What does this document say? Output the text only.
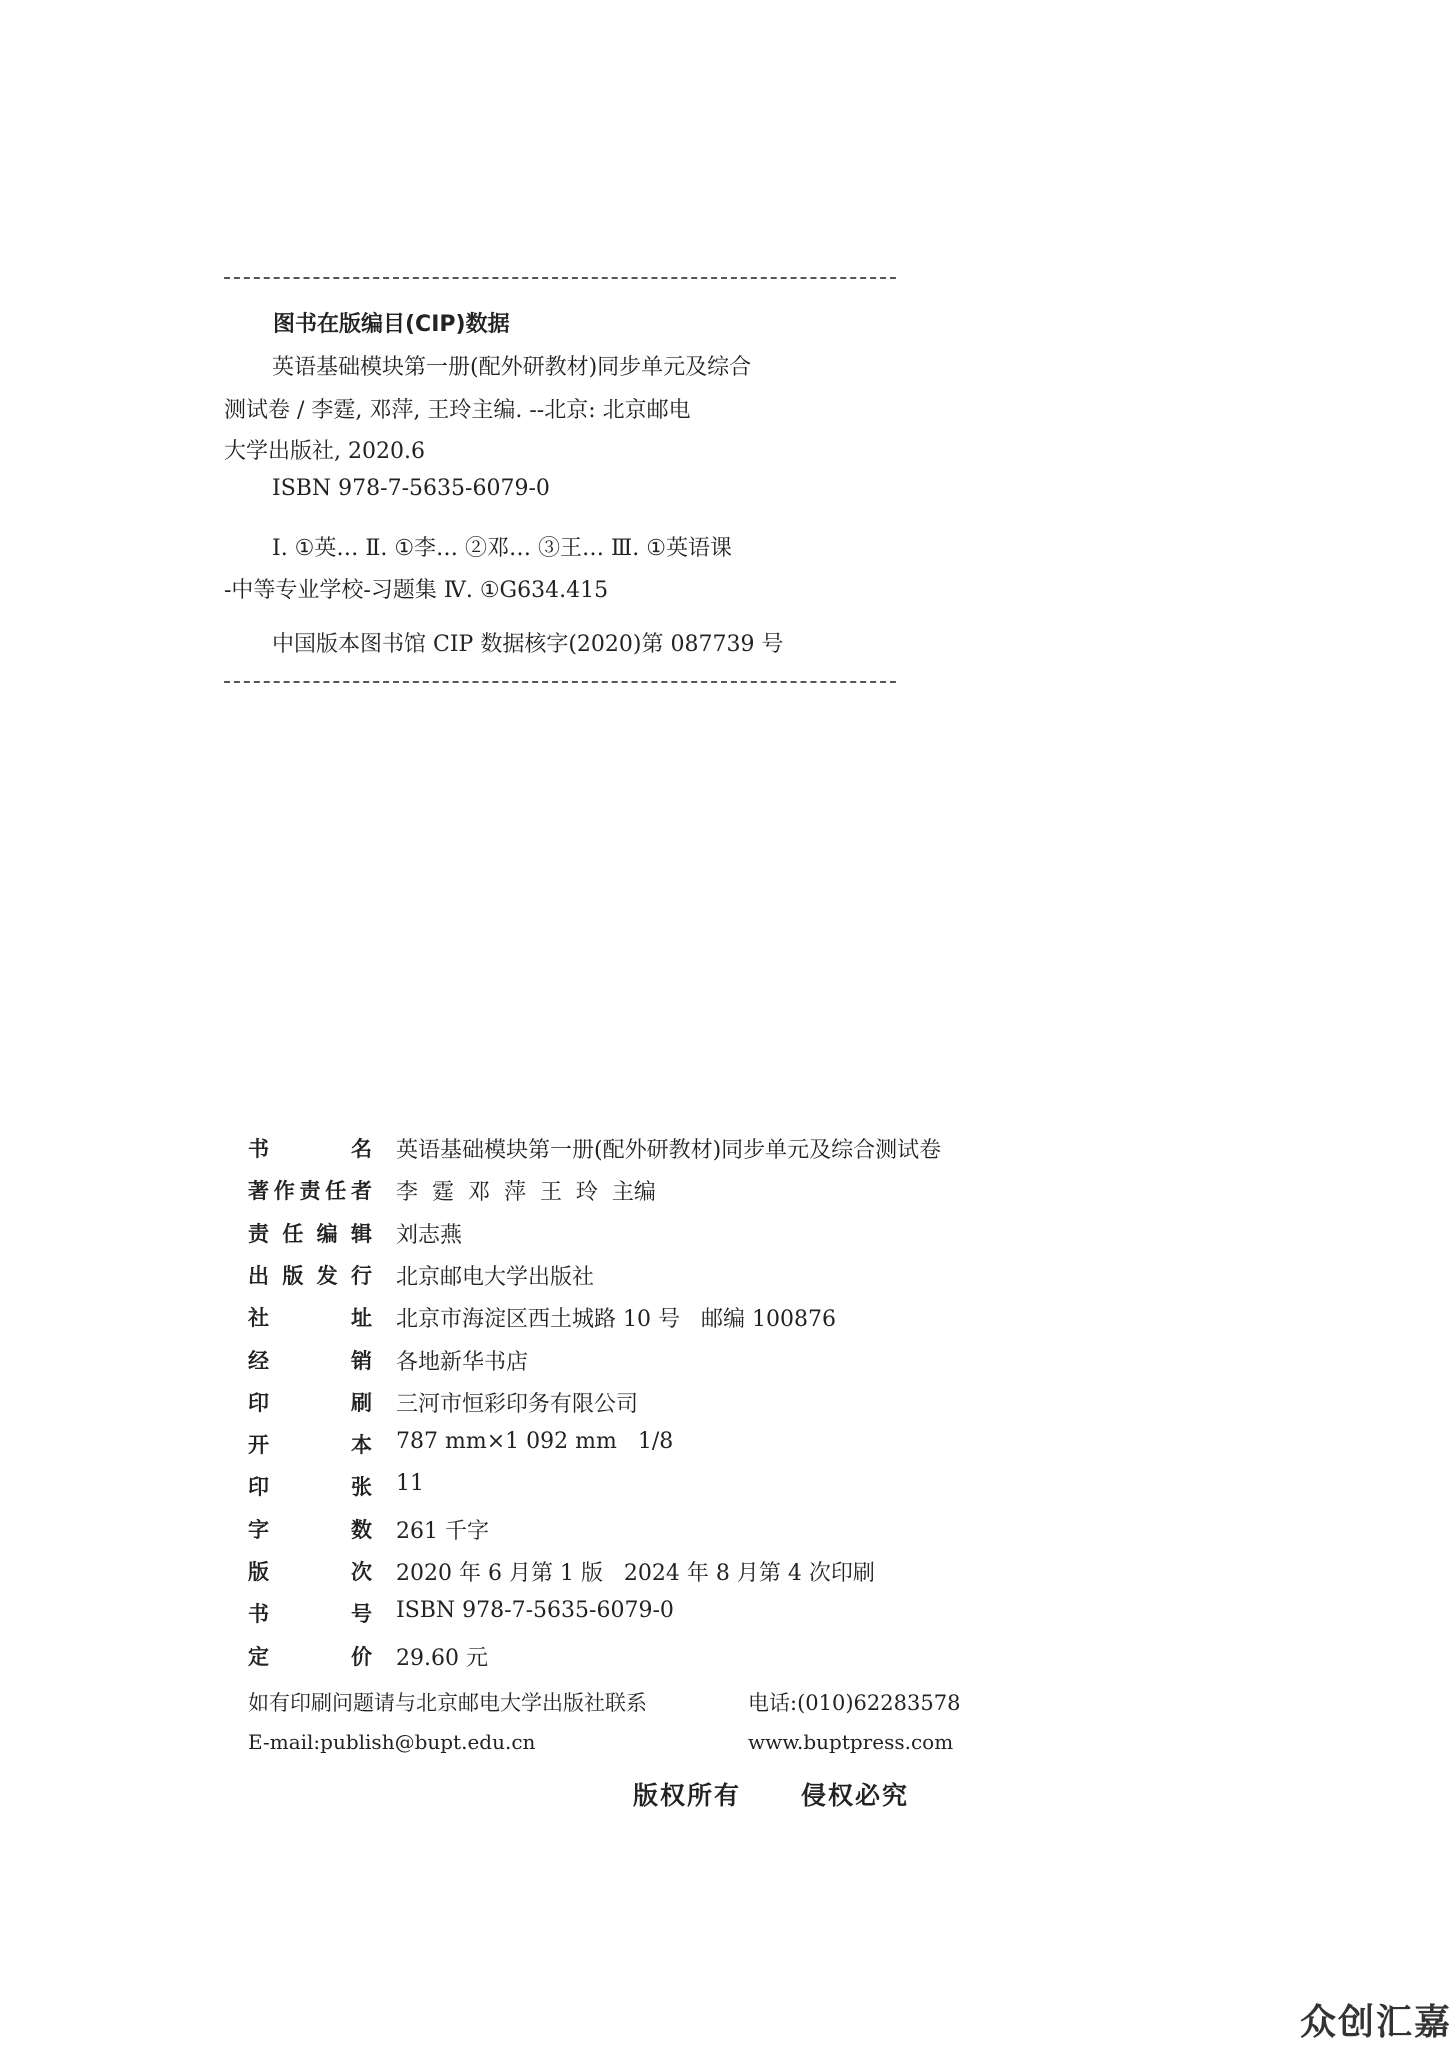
图书在版编目(CIP)数据
英语基础模块第一册(配外研教材)同步单元及综合
测试卷 / 李霆, 邓萍, 王玲主编. --北京: 北京邮电
大学出版社, 2020.6
ISBN 978-7-5635-6079-0
Ⅰ. ①英… Ⅱ. ①李… ②邓… ③王… Ⅲ. ①英语课
-中等专业学校-习题集 Ⅳ. ①G634.415
中国版本图书馆 CIP 数据核字(2020)第 087739 号
书	名 英语基础模块第一册(配外研教材)同步单元及综合测试卷
著 作 责 任 者 李  霆  邓  萍  王  玲  主编
责 任 编 辑 刘志燕
出 版 发 行 北京邮电大学出版社
社	址 北京市海淀区西土城路 10 号   邮编 100876
经	销 各地新华书店
印	刷 三河市恒彩印务有限公司
开	本 787 mm×1 092 mm   1/8
印	张 11
字	数 261 千字
版	次 2020 年 6 月第 1 版   2024 年 8 月第 4 次印刷
书	号 ISBN 978-7-5635-6079-0
定	价 29.60 元
如有印刷问题请与北京邮电大学出版社联系	电话:(010)62283578
E-mail:publish@bupt.edu.cn	www.buptpress.com
版权所有 侵权必究
众创汇嘉
